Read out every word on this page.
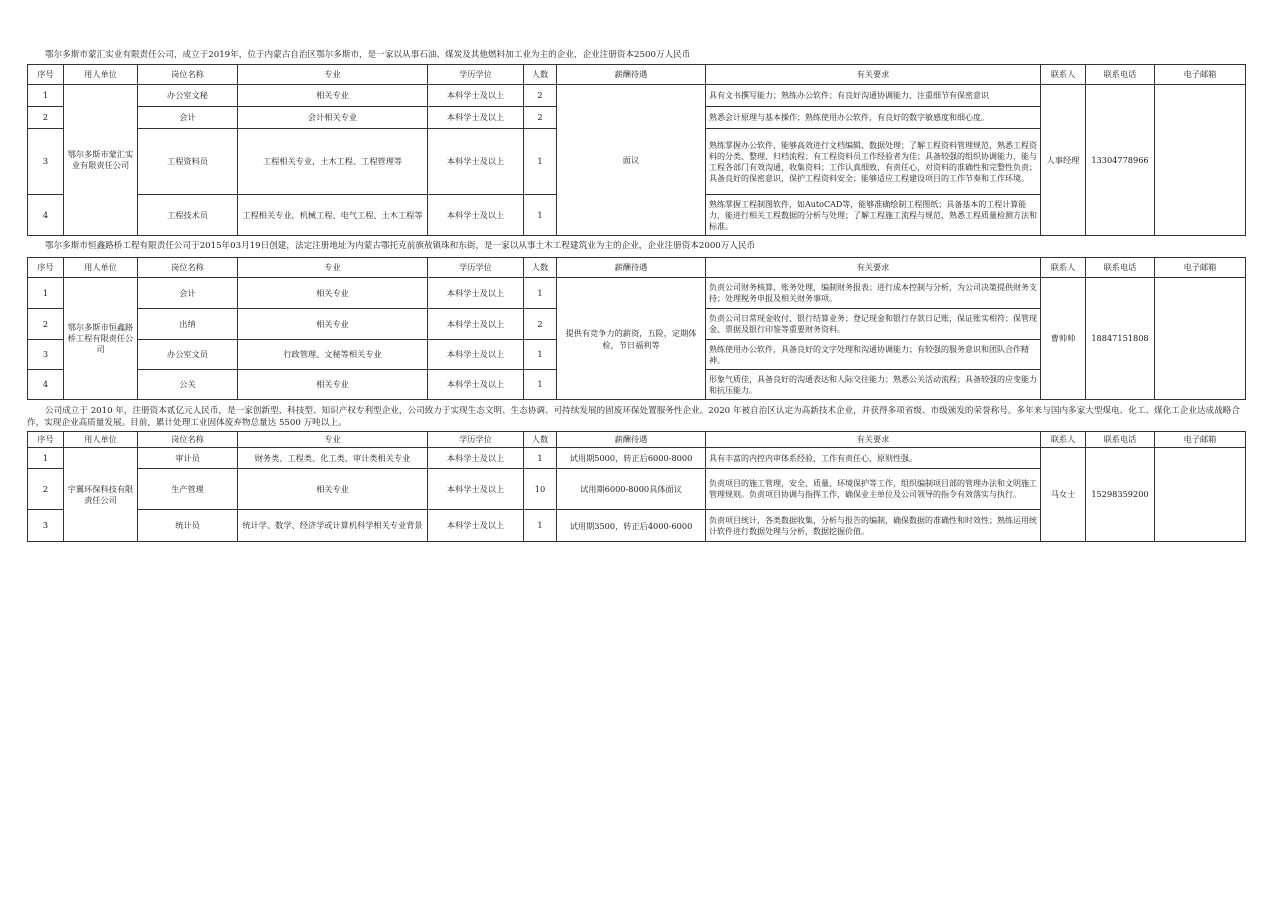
鄂尔多斯市蒙汇实业有限责任公司，成立于2019年，位于内蒙古自治区鄂尔多斯市，是一家以从事石油、煤炭及其他燃料加工业为主的企业，企业注册资本2500万人民币
序号	用人单位	岗位名称	专业	学历学位	人数	薪酬待遇	有关要求	联系人	联系电话	电子邮箱
1	鄂尔多斯市蒙汇实业有限责任公司	办公室文秘	相关专业	本科学士及以上	2	面议	具有文书撰写能力；熟练办公软件；有良好沟通协调能力、注重细节有保密意识	人事经理	13304778966	
2		会计	会计相关专业	本科学士及以上	2		熟悉会计原理与基本操作；熟练使用办公软件，有良好的数字敏感度和细心度。			
3		工程资料员	工程相关专业，土木工程、工程管理等	本科学士及以上	1		熟练掌握办公软件，能够高效进行文档编辑、数据处理；了解工程资料管理规范，熟悉工程资料的分类、整理、归档流程；有工程资料员工作经验者为佳；具备较强的组织协调能力，能与工程各部门有效沟通，收集资料；工作认真细致，有责任心，对资料的准确性和完整性负责； 具备良好的保密意识，保护工程资料安全；能够适应工程建设项目的工作节奏和工作环境。			
4		工程技术员	工程相关专业，机械工程、电气工程、土木工程等	本科学士及以上	1		熟练掌握工程制图软件，如AutoCAD等，能够准确绘制工程图纸；具备基本的工程计算能力，能进行相关工程数据的分析与处理；了解工程施工流程与规范，熟悉工程质量检测方法和标准。			
鄂尔多斯市恒鑫路桥工程有限责任公司于2015年03月19日创建，法定注册地址为内蒙古鄂托克前旗敖镇珠和东街，是一家以从事土木工程建筑业为主的企业，企业注册资本2000万人民币
序号	用人单位	岗位名称	专业	学历学位	人数	薪酬待遇	有关要求	联系人	联系电话	电子邮箱
1	鄂尔多斯市恒鑫路桥工程有限责任公司	会计	相关专业	本科学士及以上	1	提供有竞争力的薪资，五险，定期体检，节日福利等	负责公司财务核算、账务处理，编制财务报表；进行成本控制与分析，为公司决策提供财务支持；处理税务申报及相关财务事项。	曹帅帅	18847151808	
2		出纳	相关专业	本科学士及以上	2		负责公司日常现金收付、银行结算业务；登记现金和银行存款日记账，保证账实相符；保管现金、票据及银行印鉴等重要财务资料。			
3		办公室文员	行政管理、文秘等相关专业	本科学士及以上	1		熟练使用办公软件，具备良好的文字处理和沟通协调能力；有较强的服务意识和团队合作精神。			
4		公关	相关专业	本科学士及以上	1		形象气质佳，具备良好的沟通表达和人际交往能力；熟悉公关活动流程；具备较强的应变能力和抗压能力。			
公司成立于 2010 年，注册资本贰亿元人民币，是一家创新型、科技型、知识产权专利型企业，公司致力于实现生态文明、生态协调、可持续发展的固废环保处置服务性企业。2020 年被自治区认定为高新技术企业，并获得多项省级、市级颁发的荣誉称号。多年来与国内多家大型煤电、化工、煤化工企业达成战略合作，实现企业高质量发展。目前，累计处理工业固体废弃物总量达 5500 万吨以上。
序号	用人单位	岗位名称	专业	学历学位	人数	薪酬待遇	有关要求	联系人	联系电话	电子邮箱
1	宇翼环保科技有限责任公司	审计员	财务类、工程类、化工类、审计类相关专业	本科学士及以上	1	试用期5000，转正后6000-8000	具有丰富的内控内审体系经验，工作有责任心，原则性强。	马女士	15298359200	
2		生产管理	相关专业	本科学士及以上	10	试用期6000-8000具体面议	负责项目的施工管理，安全、质量、环境保护等工作，组织编制项目部的管理办法和文明施工管理规则。负责项目协调与指挥工作，确保业主单位及公司领导的指令有效落实与执行。			
3		统计员	统计学、数学、经济学或计算机科学相关专业背景	本科学士及以上	1	试用期3500，转正后4000-6000	负责项目统计，各类数据收集，分析与报告的编制，确保数据的准确性和时效性；熟练运用统计软件进行数据处理与分析，数据挖掘价值。			
